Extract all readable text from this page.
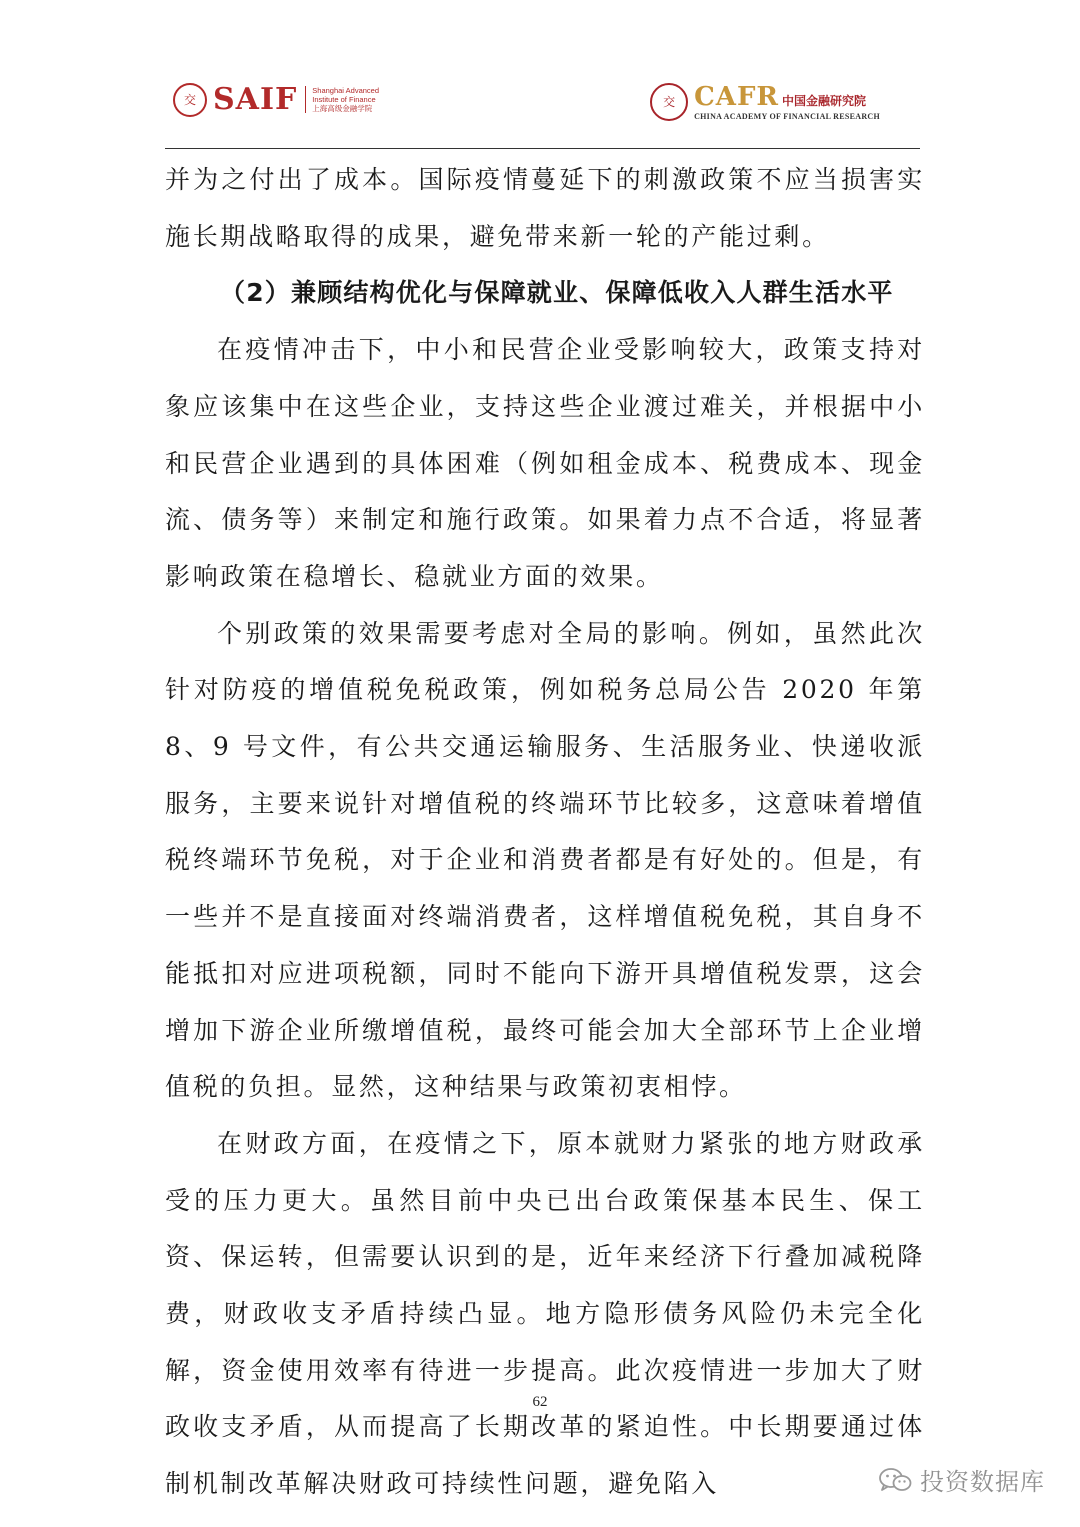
交 SAIF Shanghai Advanced
Institute of Finance
上海高级金融学院	交 CAFR 中国金融研究院
CHINA ACADEMY OF FINANCIAL RESEARCH

并为之付出了成本。国际疫情蔓延下的刺激政策不应当损害实施长期战略取得的成果，避免带来新一轮的产能过剩。

（2）兼顾结构优化与保障就业、保障低收入人群生活水平

在疫情冲击下，中小和民营企业受影响较大，政策支持对象应该集中在这些企业，支持这些企业渡过难关，并根据中小和民营企业遇到的具体困难（例如租金成本、税费成本、现金流、债务等）来制定和施行政策。如果着力点不合适，将显著影响政策在稳增长、稳就业方面的效果。

个别政策的效果需要考虑对全局的影响。例如，虽然此次针对防疫的增值税免税政策，例如税务总局公告 2020 年第 8、9 号文件，有公共交通运输服务、生活服务业、快递收派服务，主要来说针对增值税的终端环节比较多，这意味着增值税终端环节免税，对于企业和消费者都是有好处的。但是，有一些并不是直接面对终端消费者，这样增值税免税，其自身不能抵扣对应进项税额，同时不能向下游开具增值税发票，这会增加下游企业所缴增值税，最终可能会加大全部环节上企业增值税的负担。显然，这种结果与政策初衷相悖。

在财政方面，在疫情之下，原本就财力紧张的地方财政承受的压力更大。虽然目前中央已出台政策保基本民生、保工资、保运转，但需要认识到的是，近年来经济下行叠加减税降费，财政收支矛盾持续凸显。地方隐形债务风险仍未完全化解，资金使用效率有待进一步提高。此次疫情进一步加大了财政收支矛盾，从而提高了长期改革的紧迫性。中长期要通过体制机制改革解决财政可持续性问题，避免陷入

62
投资数据库
